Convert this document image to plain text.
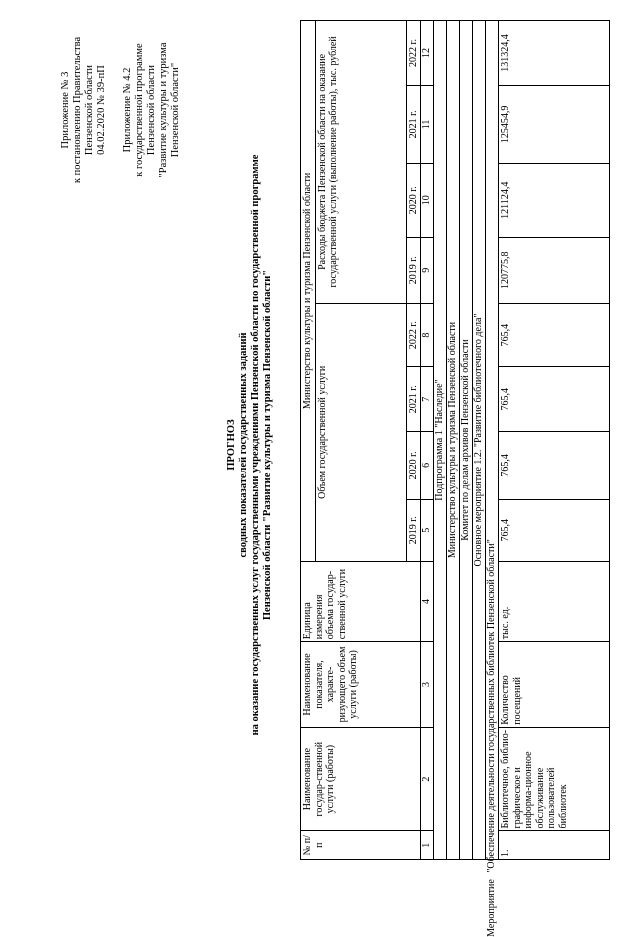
Приложение № 3 к постановлению Правительства Пензенской области 04.02.2020 № 39-пП Приложение № 4.2 к государственной программе Пензенской области "Развитие культуры и туризма Пензенской области"
ПРОГНОЗ сводных показателей государственных заданий на оказание государственных услуг государственными учреждениями Пензенской области по государственной программе Пензенской области "Развитие культуры и туризма Пензенской области"
№ п/п	Наименование государ-ственной услуги (работы)	Наименование показателя, характе-ризующего объем услуги (работы)	Единица измерения объема государ-ственной услуги	Министерство культуры и туризма Пензенской области							
				Объем государственной услуги				Расходы бюджета Пензенской области на оказание государственной услуги (выполнение работы), тыс. рублей			
				2019 г.	2020 г.	2021 г.	2022 г.	2019 г.	2020 г.	2021 г.	2022 г.
1	2	3	4	5	6	7	8	9	10	11	12
Подпрограмма 1 "Наследие"											
Министерство культуры и туризма Пензенской области											
Комитет по делам архивов Пензенской области											
Основное мероприятие 1.2. "Развитие библиотечного дела"											
Мероприятие "Обеспечение деятельности государственных библиотек Пензенской области"											
1.	Библиотечное, библио-графическое и информа-ционное обслуживание пользователей библиотек	Количество посещений	тыс. ед.	765,4	765,4	765,4	765,4	120775,8	121124,4	125454,9	131324,4
